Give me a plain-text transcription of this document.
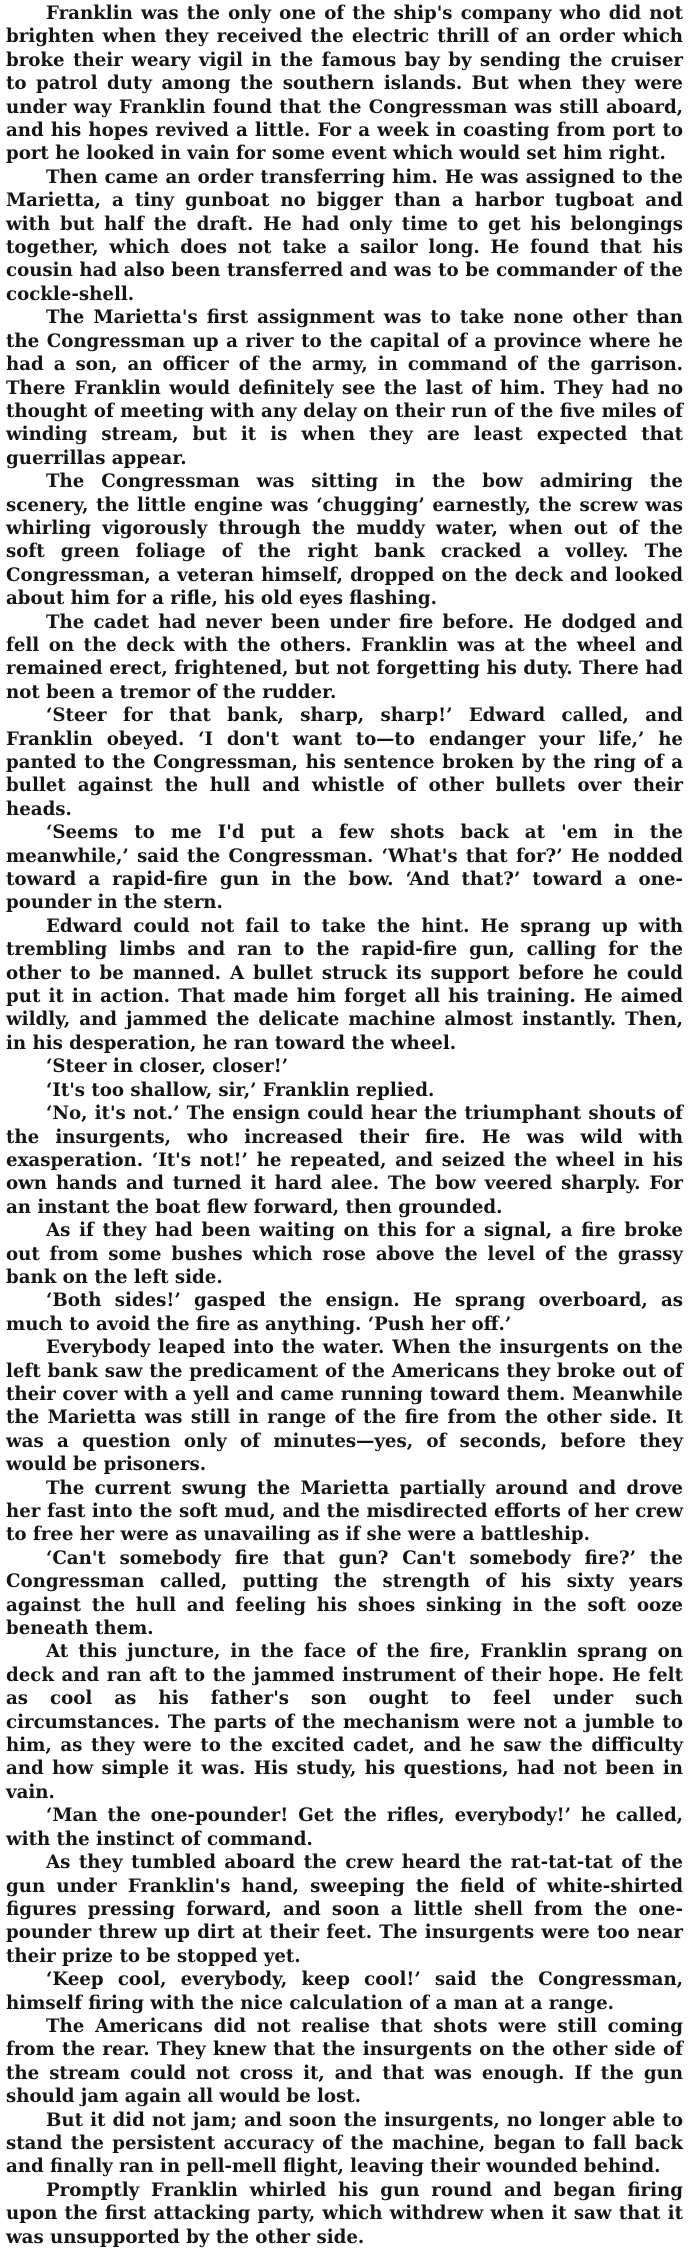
Franklin was the only one of the ship's company who did not brighten when they received the electric thrill of an order which broke their weary vigil in the famous bay by sending the cruiser to patrol duty among the southern islands. But when they were under way Franklin found that the Congressman was still aboard, and his hopes revived a little. For a week in coasting from port to port he looked in vain for some event which would set him right.

Then came an order transferring him. He was assigned to the Marietta, a tiny gunboat no bigger than a harbor tugboat and with but half the draft. He had only time to get his belongings together, which does not take a sailor long. He found that his cousin had also been transferred and was to be commander of the cockle-shell.

The Marietta's first assignment was to take none other than the Congressman up a river to the capital of a province where he had a son, an officer of the army, in command of the garrison. There Franklin would definitely see the last of him. They had no thought of meeting with any delay on their run of the five miles of winding stream, but it is when they are least expected that guerrillas appear.

The Congressman was sitting in the bow admiring the scenery, the little engine was ‘chugging’ earnestly, the screw was whirling vigorously through the muddy water, when out of the soft green foliage of the right bank cracked a volley. The Congressman, a veteran himself, dropped on the deck and looked about him for a rifle, his old eyes flashing.

The cadet had never been under fire before. He dodged and fell on the deck with the others. Franklin was at the wheel and remained erect, frightened, but not forgetting his duty. There had not been a tremor of the rudder.

‘Steer for that bank, sharp, sharp!’ Edward called, and Franklin obeyed. ‘I don't want to—to endanger your life,’ he panted to the Congressman, his sentence broken by the ring of a bullet against the hull and whistle of other bullets over their heads.

‘Seems to me I'd put a few shots back at 'em in the meanwhile,’ said the Congressman. ‘What's that for?’ He nodded toward a rapid-fire gun in the bow. ‘And that?’ toward a one-pounder in the stern.

Edward could not fail to take the hint. He sprang up with trembling limbs and ran to the rapid-fire gun, calling for the other to be manned. A bullet struck its support before he could put it in action. That made him forget all his training. He aimed wildly, and jammed the delicate machine almost instantly. Then, in his desperation, he ran toward the wheel.

‘Steer in closer, closer!’

‘It's too shallow, sir,’ Franklin replied.

‘No, it's not.’ The ensign could hear the triumphant shouts of the insurgents, who increased their fire. He was wild with exasperation. ‘It's not!’ he repeated, and seized the wheel in his own hands and turned it hard alee. The bow veered sharply. For an instant the boat flew forward, then grounded.

As if they had been waiting on this for a signal, a fire broke out from some bushes which rose above the level of the grassy bank on the left side.

‘Both sides!’ gasped the ensign. He sprang overboard, as much to avoid the fire as anything. ‘Push her off.’

Everybody leaped into the water. When the insurgents on the left bank saw the predicament of the Americans they broke out of their cover with a yell and came running toward them. Meanwhile the Marietta was still in range of the fire from the other side. It was a question only of minutes—yes, of seconds, before they would be prisoners.

The current swung the Marietta partially around and drove her fast into the soft mud, and the misdirected efforts of her crew to free her were as unavailing as if she were a battleship.

‘Can't somebody fire that gun? Can't somebody fire?’ the Congressman called, putting the strength of his sixty years against the hull and feeling his shoes sinking in the soft ooze beneath them.

At this juncture, in the face of the fire, Franklin sprang on deck and ran aft to the jammed instrument of their hope. He felt as cool as his father's son ought to feel under such circumstances. The parts of the mechanism were not a jumble to him, as they were to the excited cadet, and he saw the difficulty and how simple it was. His study, his questions, had not been in vain.

‘Man the one-pounder! Get the rifles, everybody!’ he called, with the instinct of command.

As they tumbled aboard the crew heard the rat-tat-tat of the gun under Franklin's hand, sweeping the field of white-shirted figures pressing forward, and soon a little shell from the one-pounder threw up dirt at their feet. The insurgents were too near their prize to be stopped yet.

‘Keep cool, everybody, keep cool!’ said the Congressman, himself firing with the nice calculation of a man at a range.

The Americans did not realise that shots were still coming from the rear. They knew that the insurgents on the other side of the stream could not cross it, and that was enough. If the gun should jam again all would be lost.

But it did not jam; and soon the insurgents, no longer able to stand the persistent accuracy of the machine, began to fall back and finally ran in pell-mell flight, leaving their wounded behind.

Promptly Franklin whirled his gun round and began firing upon the first attacking party, which withdrew when it saw that it was unsupported by the other side.
